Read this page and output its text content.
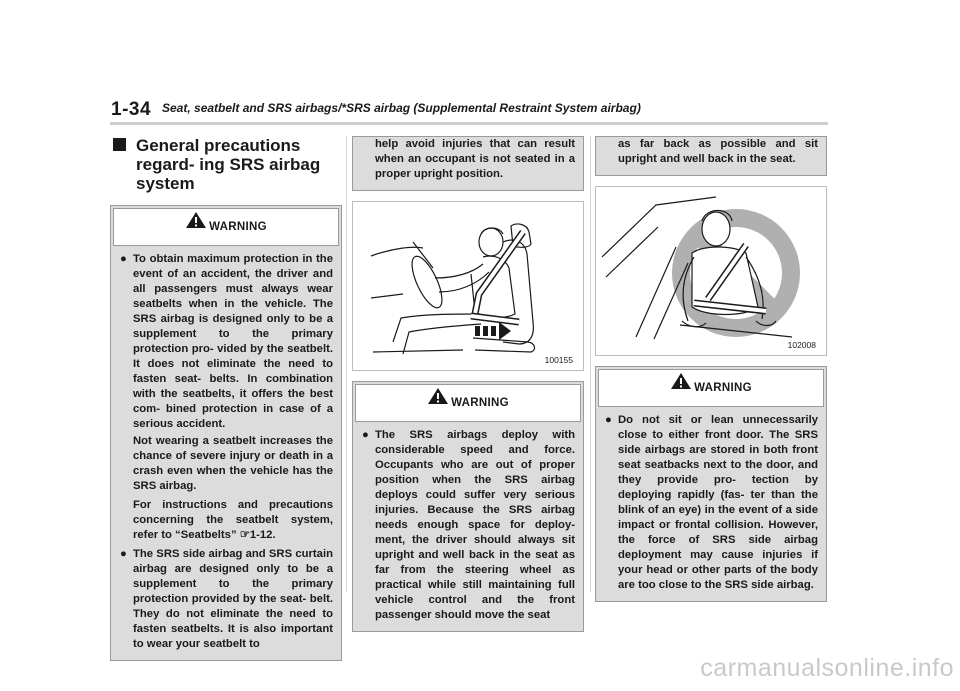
1-34 Seat, seatbelt and SRS airbags/*SRS airbag (Supplemental Restraint System airbag)
General precautions regard- ing SRS airbag system
WARNING
● To obtain maximum protection in the event of an accident, the driver and all passengers must always wear seatbelts when in the vehicle. The SRS airbag is designed only to be a supplement to the primary protection pro- vided by the seatbelt. It does not eliminate the need to fasten seat- belts. In combination with the seatbelts, it offers the best com- bined protection in case of a serious accident.

Not wearing a seatbelt increases the chance of severe injury or death in a crash even when the vehicle has the SRS airbag.

For instructions and precautions concerning the seatbelt system, refer to “Seatbelts” ☞1-12.

● The SRS side airbag and SRS curtain airbag are designed only to be a supplement to the primary protection provided by the seat- belt. They do not eliminate the need to fasten seatbelts. It is also important to wear your seatbelt to
help avoid injuries that can result when an occupant is not seated in a proper upright position.
100155
WARNING
● The SRS airbags deploy with considerable speed and force. Occupants who are out of proper position when the SRS airbag deploys could suffer very serious injuries. Because the SRS airbag needs enough space for deploy- ment, the driver should always sit upright and well back in the seat as far from the steering wheel as practical while still maintaining full vehicle control and the front passenger should move the seat
as far back as possible and sit upright and well back in the seat.
102008
WARNING
● Do not sit or lean unnecessarily close to either front door. The SRS side airbags are stored in both front seat seatbacks next to the door, and they provide pro- tection by deploying rapidly (fas- ter than the blink of an eye) in the event of a side impact or frontal collision. However, the force of SRS side airbag deployment may cause injuries if your head or other parts of the body are too close to the SRS side airbag.
carmanualsonline.info
